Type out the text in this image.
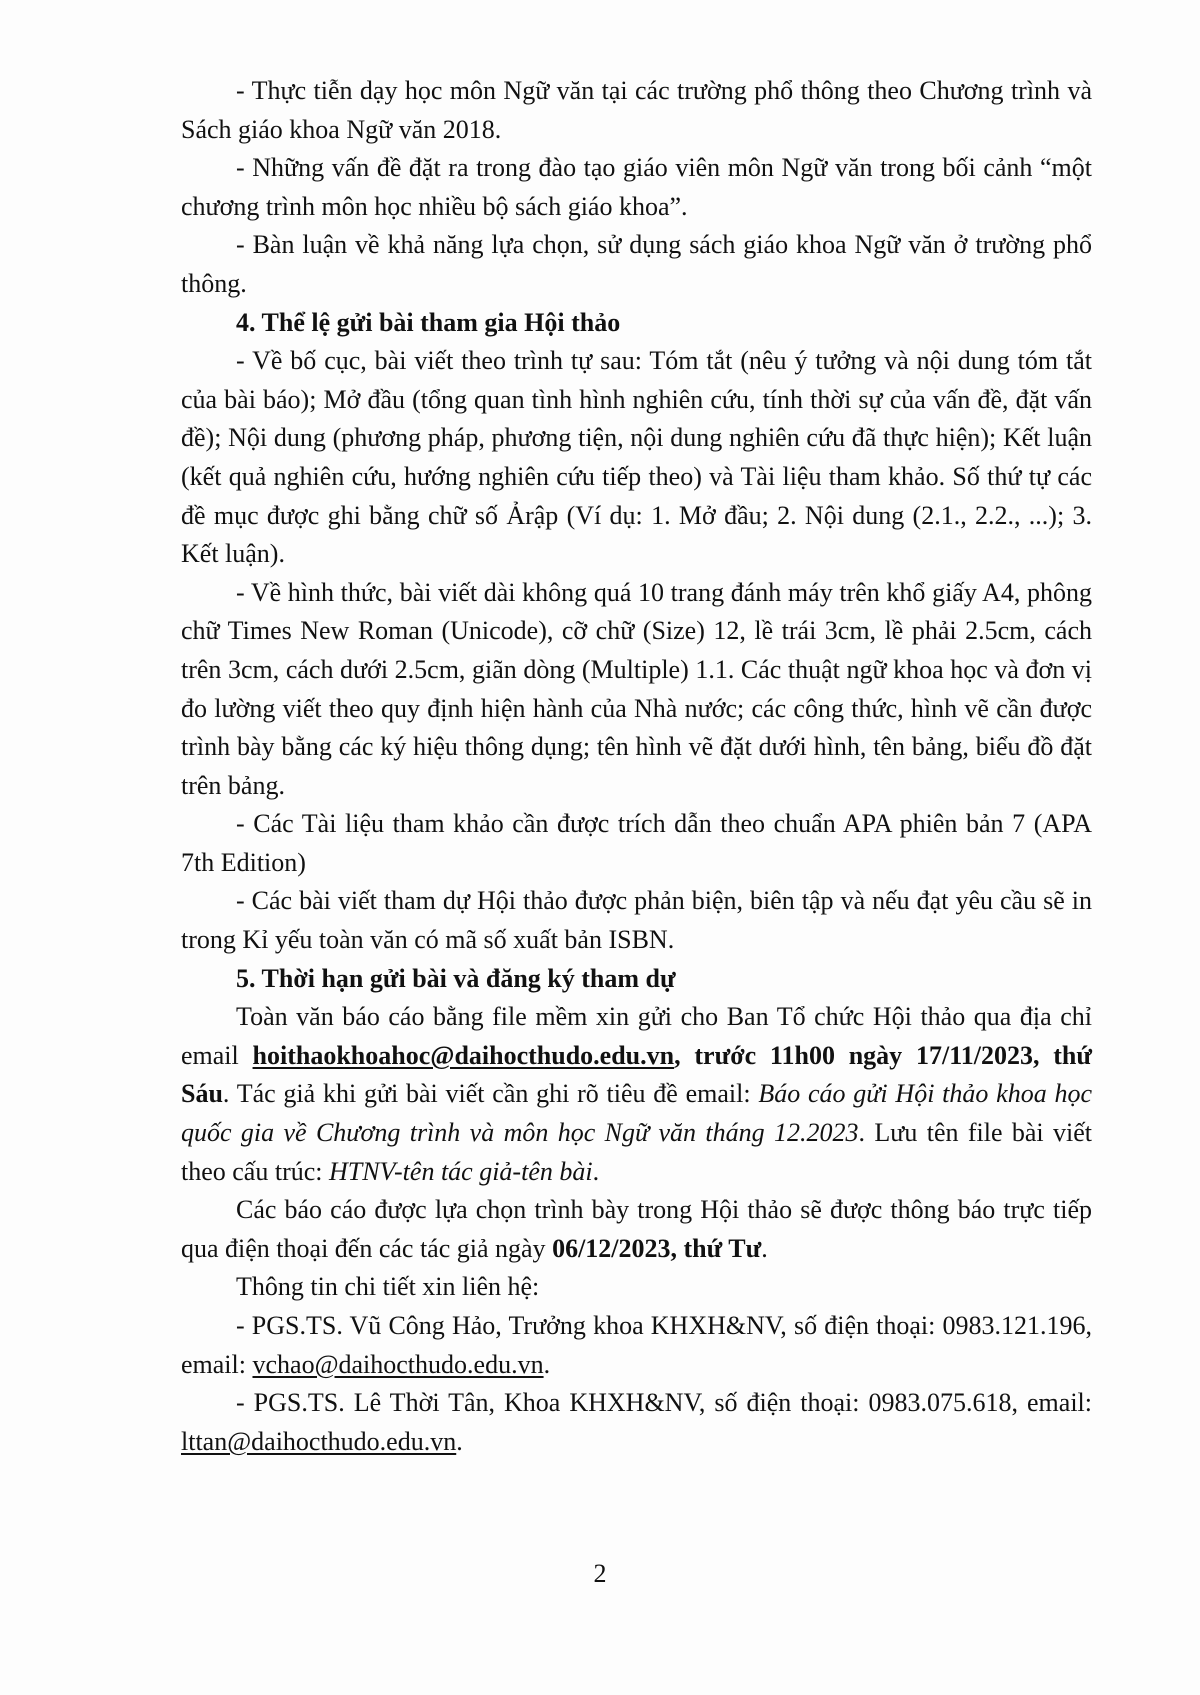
- Thực tiễn dạy học môn Ngữ văn tại các trường phổ thông theo Chương trình và Sách giáo khoa Ngữ văn 2018.

- Những vấn đề đặt ra trong đào tạo giáo viên môn Ngữ văn trong bối cảnh “một chương trình môn học nhiều bộ sách giáo khoa”.

- Bàn luận về khả năng lựa chọn, sử dụng sách giáo khoa Ngữ văn ở trường phổ thông.

4. Thể lệ gửi bài tham gia Hội thảo

- Về bố cục, bài viết theo trình tự sau: Tóm tắt (nêu ý tưởng và nội dung tóm tắt của bài báo); Mở đầu (tổng quan tình hình nghiên cứu, tính thời sự của vấn đề, đặt vấn đề); Nội dung (phương pháp, phương tiện, nội dung nghiên cứu đã thực hiện); Kết luận (kết quả nghiên cứu, hướng nghiên cứu tiếp theo) và Tài liệu tham khảo. Số thứ tự các đề mục được ghi bằng chữ số Ảrập (Ví dụ: 1. Mở đầu; 2. Nội dung (2.1., 2.2., ...); 3. Kết luận).

- Về hình thức, bài viết dài không quá 10 trang đánh máy trên khổ giấy A4, phông chữ Times New Roman (Unicode), cỡ chữ (Size) 12, lề trái 3cm, lề phải 2.5cm, cách trên 3cm, cách dưới 2.5cm, giãn dòng (Multiple) 1.1. Các thuật ngữ khoa học và đơn vị đo lường viết theo quy định hiện hành của Nhà nước; các công thức, hình vẽ cần được trình bày bằng các ký hiệu thông dụng; tên hình vẽ đặt dưới hình, tên bảng, biểu đồ đặt trên bảng.

- Các Tài liệu tham khảo cần được trích dẫn theo chuẩn APA phiên bản 7 (APA 7th Edition)

- Các bài viết tham dự Hội thảo được phản biện, biên tập và nếu đạt yêu cầu sẽ in trong Kỉ yếu toàn văn có mã số xuất bản ISBN.

5. Thời hạn gửi bài và đăng ký tham dự

Toàn văn báo cáo bằng file mềm xin gửi cho Ban Tổ chức Hội thảo qua địa chỉ email hoithaokhoahoc@daihocthudo.edu.vn, trước 11h00 ngày 17/11/2023, thứ Sáu. Tác giả khi gửi bài viết cần ghi rõ tiêu đề email: Báo cáo gửi Hội thảo khoa học quốc gia về Chương trình và môn học Ngữ văn tháng 12.2023. Lưu tên file bài viết theo cấu trúc: HTNV-tên tác giả-tên bài.

Các báo cáo được lựa chọn trình bày trong Hội thảo sẽ được thông báo trực tiếp qua điện thoại đến các tác giả ngày 06/12/2023, thứ Tư.

Thông tin chi tiết xin liên hệ:

- PGS.TS. Vũ Công Hảo, Trưởng khoa KHXH&NV, số điện thoại: 0983.121.196, email: vchao@daihocthudo.edu.vn.

- PGS.TS. Lê Thời Tân, Khoa KHXH&NV, số điện thoại: 0983.075.618, email: lttan@daihocthudo.edu.vn.

2
